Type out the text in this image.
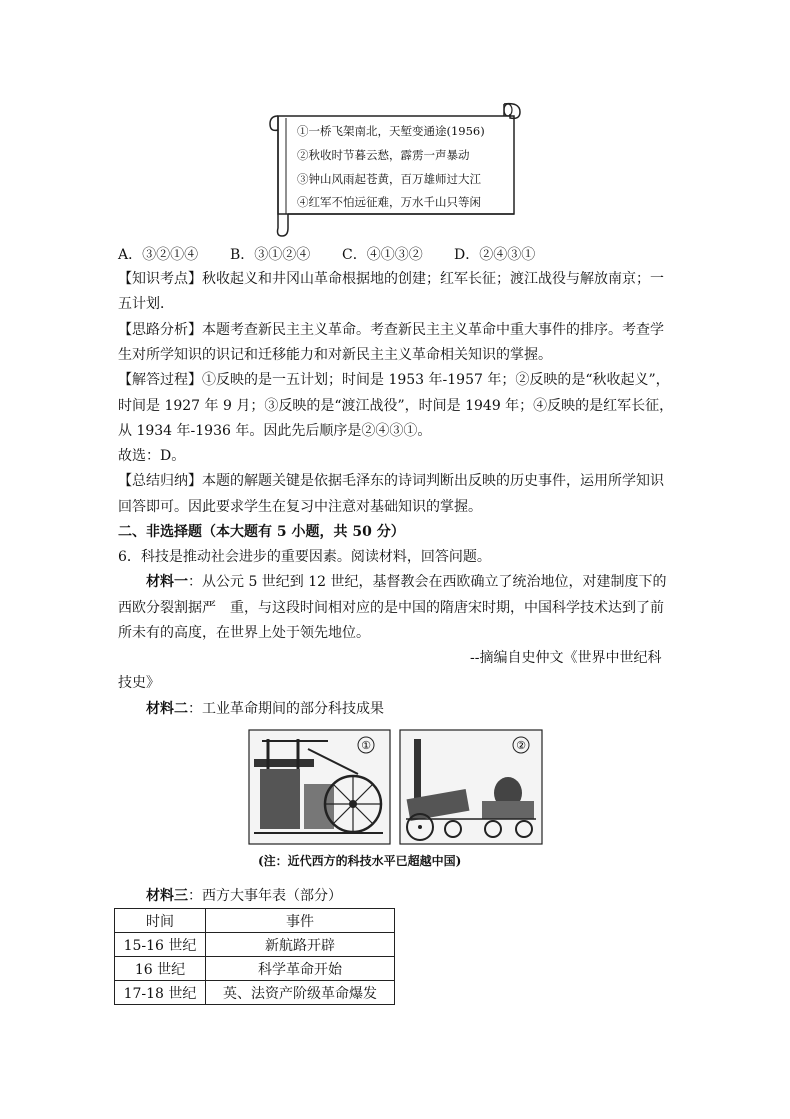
①一桥飞架南北，天堑变通途(1956)
②秋收时节暮云愁，霹雳一声暴动
③钟山风雨起苍黄，百万雄师过大江
④红军不怕远征难，万水千山只等闲
A．③②①④ B．③①②④ C．④①③② D．②④③①
【知识考点】秋收起义和井冈山革命根据地的创建；红军长征；渡江战役与解放南京；一
五计划．
【思路分析】本题考查新民主主义革命。考查新民主主义革命中重大事件的排序。考查学
生对所学知识的识记和迁移能力和对新民主主义革命相关知识的掌握。
【解答过程】①反映的是一五计划；时间是 1953 年-1957 年；②反映的是“秋收起义”，
时间是 1927 年 9 月；③反映的是“渡江战役”，时间是 1949 年；④反映的是红军长征，
从 1934 年-1936 年。因此先后顺序是②④③①。
故选：D。
【总结归纳】本题的解题关键是依据毛泽东的诗词判断出反映的历史事件，运用所学知识
回答即可。因此要求学生在复习中注意对基础知识的掌握。
二、非选择题（本大题有 5 小题，共 50 分）
6．科技是推动社会进步的重要因素。阅读材料，回答问题。
材料一：从公元 5 世纪到 12 世纪，基督教会在西欧确立了统治地位，对建制度下的
西欧分裂割据严　重，与这段时间相对应的是中国的隋唐宋时期，中国科学技术达到了前
所未有的高度，在世界上处于领先地位。
--摘编自史仲文《世界中世纪科
技史》
材料二：工业革命期间的部分科技成果
①	②
(注：近代西方的科技水平已超越中国)
材料三：西方大事年表（部分）
时间	事件
15-16 世纪	新航路开辟
16 世纪	科学革命开始
17-18 世纪	英、法资产阶级革命爆发
